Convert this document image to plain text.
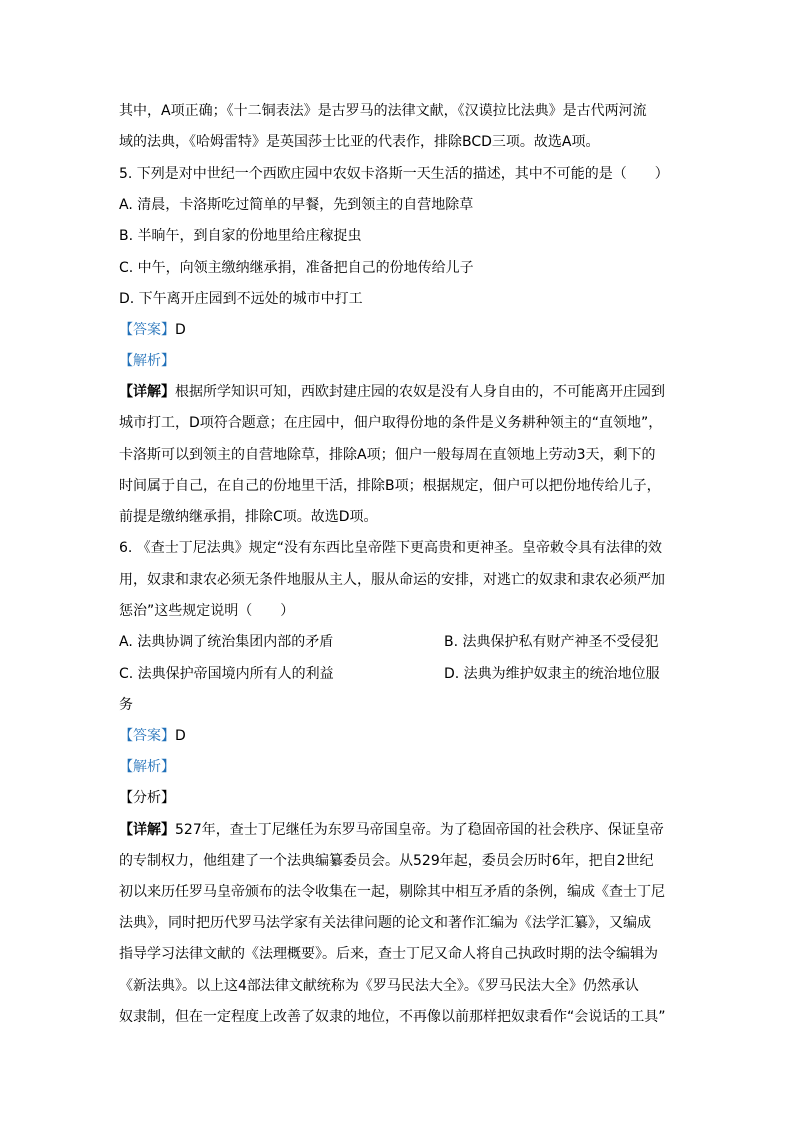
其中，A项正确；《十二铜表法》是古罗马的法律文献，《汉谟拉比法典》是古代两河流
域的法典，《哈姆雷特》是英国莎士比亚的代表作，排除BCD三项。故选A项。
5. 下列是对中世纪一个西欧庄园中农奴卡洛斯一天生活的描述，其中不可能的是（　　）
A. 清晨，卡洛斯吃过简单的早餐，先到领主的自营地除草
B. 半晌午，到自家的份地里给庄稼捉虫
C. 中午，向领主缴纳继承捐，准备把自己的份地传给儿子
D. 下午离开庄园到不远处的城市中打工
【答案】D
【解析】
【详解】根据所学知识可知，西欧封建庄园的农奴是没有人身自由的，不可能离开庄园到
城市打工，D项符合题意；在庄园中，佃户取得份地的条件是义务耕种领主的“直领地”，
卡洛斯可以到领主的自营地除草，排除A项；佃户一般每周在直领地上劳动3天，剩下的
时间属于自己，在自己的份地里干活，排除B项；根据规定，佃户可以把份地传给儿子，
前提是缴纳继承捐，排除C项。故选D项。
6. 《查士丁尼法典》规定“没有东西比皇帝陛下更高贵和更神圣。皇帝敕令具有法律的效
用，奴隶和隶农必须无条件地服从主人，服从命运的安排，对逃亡的奴隶和隶农必须严加
惩治”这些规定说明（　　）
A. 法典协调了统治集团内部的矛盾	B. 法典保护私有财产神圣不受侵犯
C. 法典保护帝国境内所有人的利益	D. 法典为维护奴隶主的统治地位服
务
【答案】D
【解析】
【分析】
【详解】527年，查士丁尼继任为东罗马帝国皇帝。为了稳固帝国的社会秩序、保证皇帝
的专制权力，他组建了一个法典编纂委员会。从529年起，委员会历时6年，把自2世纪
初以来历任罗马皇帝颁布的法令收集在一起，剔除其中相互矛盾的条例，编成《查士丁尼
法典》，同时把历代罗马法学家有关法律问题的论文和著作汇编为《法学汇纂》，又编成
指导学习法律文献的《法理概要》。后来，查士丁尼又命人将自己执政时期的法令编辑为
《新法典》。以上这4部法律文献统称为《罗马民法大全》。《罗马民法大全》仍然承认
奴隶制，但在一定程度上改善了奴隶的地位，不再像以前那样把奴隶看作“会说话的工具”
